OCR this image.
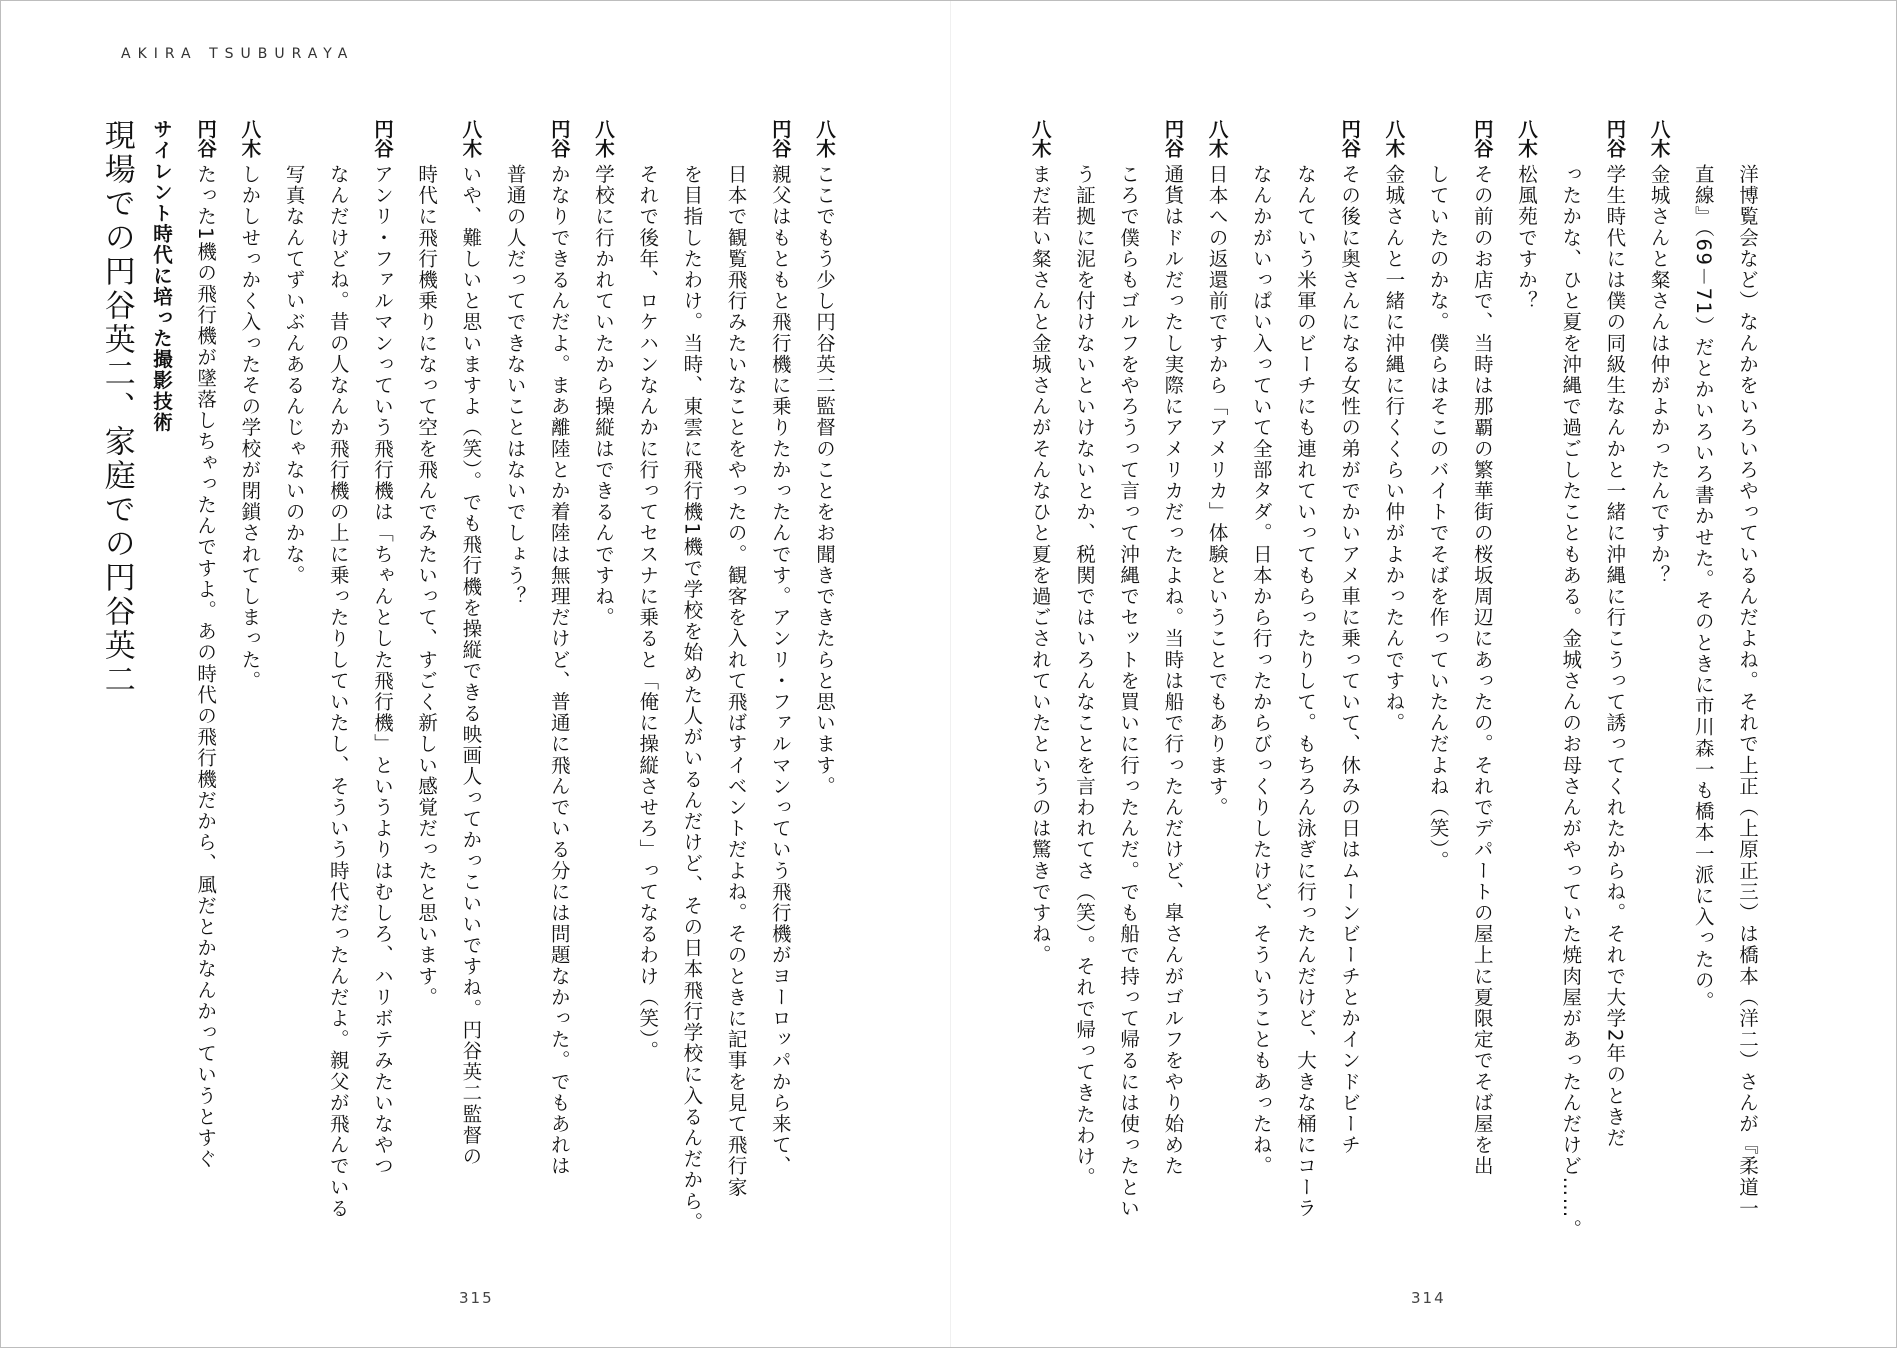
AKIRA TSUBURAYA
八木ここでもう少し円谷英二監督のことをお聞きできたらと思います。
円谷親父はもともと飛行機に乗りたかったんです。アンリ・ファルマンっていう飛行機がヨーロッパから来て、
日本で観覧飛行みたいなことをやったの。観客を入れて飛ばすイベントだよね。そのときに記事を見て飛行家
を目指したわけ。当時、東雲に飛行機1機で学校を始めた人がいるんだけど、その日本飛行学校に入るんだから。
それで後年、ロケハンなんかに行ってセスナに乗ると「俺に操縦させろ」ってなるわけ（笑）。
八木学校に行かれていたから操縦はできるんですね。
円谷かなりできるんだよ。まあ離陸とか着陸は無理だけど、普通に飛んでいる分には問題なかった。でもあれは
普通の人だってできないことはないでしょう？
八木いや、難しいと思いますよ（笑）。でも飛行機を操縦できる映画人ってかっこいいですね。円谷英二監督の
時代に飛行機乗りになって空を飛んでみたいって、すごく新しい感覚だったと思います。
円谷アンリ・ファルマンっていう飛行機は「ちゃんとした飛行機」というよりはむしろ、ハリボテみたいなやつ
なんだけどね。昔の人なんか飛行機の上に乗ったりしていたし、そういう時代だったんだよ。親父が飛んでいる
写真なんてずいぶんあるんじゃないのかな。
八木しかしせっかく入ったその学校が閉鎖されてしまった。
円谷たった1機の飛行機が墜落しちゃったんですよ。あの時代の飛行機だから、風だとかなんかっていうとすぐ
サイレント時代に培った撮影技術
現場での円谷英二、家庭での円谷英二	洋博覧会など）なんかをいろいろやっているんだよね。それで上正（上原正三）は橋本（洋二）さんが『柔道一
直線』（69－71）だとかいろいろ書かせた。そのときに市川森一も橋本一派に入ったの。
八木金城さんと粲さんは仲がよかったんですか？
円谷学生時代には僕の同級生なんかと一緒に沖縄に行こうって誘ってくれたからね。それで大学2年のときだ
ったかな、ひと夏を沖縄で過ごしたこともある。金城さんのお母さんがやっていた焼肉屋があったんだけど……。
八木松風苑ですか？
円谷その前のお店で、当時は那覇の繁華街の桜坂周辺にあったの。それでデパートの屋上に夏限定でそば屋を出
していたのかな。僕らはそこのバイトでそばを作っていたんだよね（笑）。
八木金城さんと一緒に沖縄に行くくらい仲がよかったんですね。
円谷その後に奥さんになる女性の弟がでかいアメ車に乗っていて、休みの日はムーンビーチとかインドビーチ
なんていう米軍のビーチにも連れていってもらったりして。もちろん泳ぎに行ったんだけど、大きな桶にコーラ
なんかがいっぱい入っていて全部タダ。日本から行ったからびっくりしたけど、そういうこともあったね。
八木日本への返還前ですから「アメリカ」体験ということでもあります。
円谷通貨はドルだったし実際にアメリカだったよね。当時は船で行ったんだけど、皐さんがゴルフをやり始めた
ころで僕らもゴルフをやろうって言って沖縄でセットを買いに行ったんだ。でも船で持って帰るには使ったとい
う証拠に泥を付けないといけないとか、税関ではいろんなことを言われてさ（笑）。それで帰ってきたわけ。
八木まだ若い粲さんと金城さんがそんなひと夏を過ごされていたというのは驚きですね。
315	314
